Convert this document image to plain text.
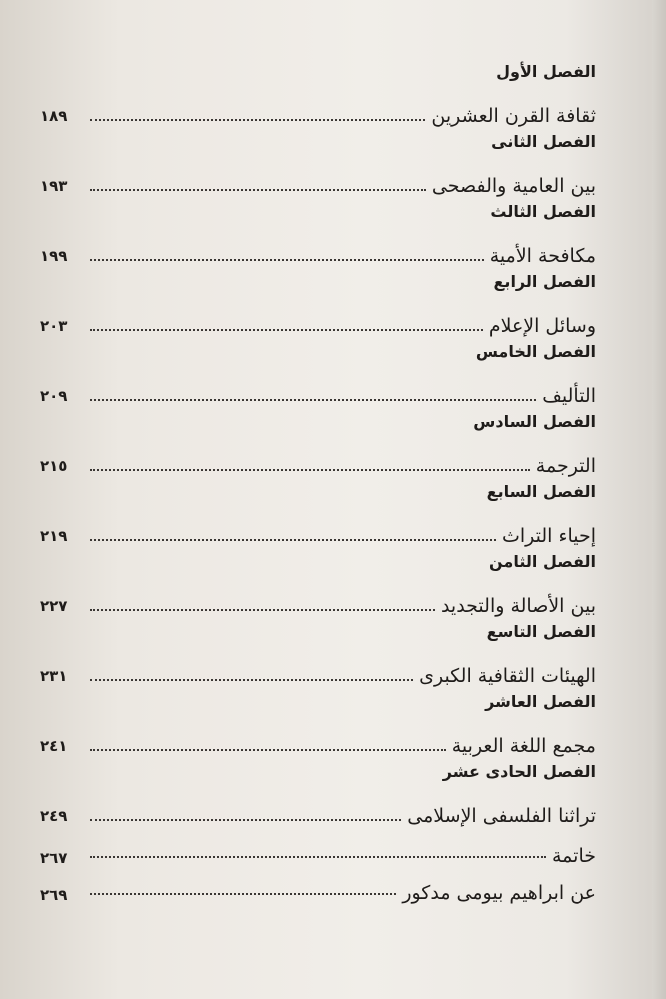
الفصل الأول
ثقافة القرن العشرين
١٨٩
الفصل الثانى
بين العامية والفصحى
١٩٣
الفصل الثالث
مكافحة الأمية
١٩٩
الفصل الرابع
وسائل الإعلام
٢٠٣
الفصل الخامس
التأليف
٢٠٩
الفصل السادس
الترجمة
٢١٥
الفصل السابع
إحياء التراث
٢١٩
الفصل الثامن
بين الأصالة والتجديد
٢٢٧
الفصل التاسع
الهيئات الثقافية الكبرى
٢٣١
الفصل العاشر
مجمع اللغة العربية
٢٤١
الفصل الحادى عشر
تراثنا الفلسفى الإسلامى
٢٤٩
خاتمة
٢٦٧
عن ابراهيم بيومى مدكور
٢٦٩
